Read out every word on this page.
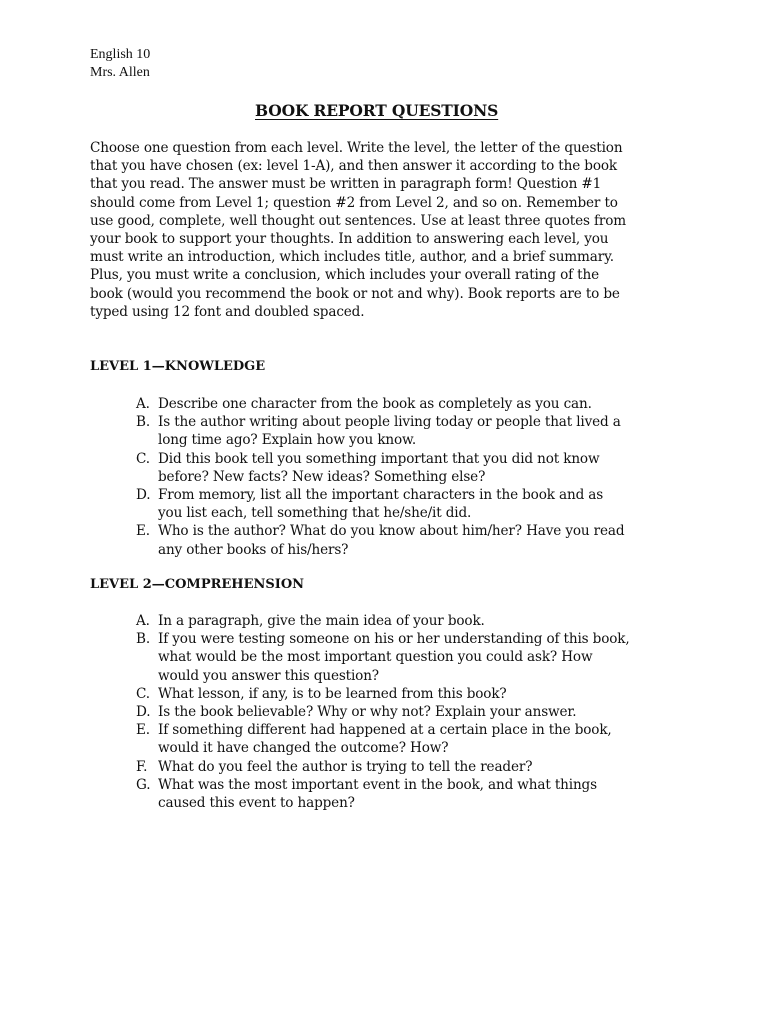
English 10
Mrs. Allen
BOOK REPORT QUESTIONS
Choose one question from each level. Write the level, the letter of the question
that you have chosen (ex: level 1-A), and then answer it according to the book
that you read. The answer must be written in paragraph form! Question #1
should come from Level 1; question #2 from Level 2, and so on. Remember to
use good, complete, well thought out sentences. Use at least three quotes from
your book to support your thoughts. In addition to answering each level, you
must write an introduction, which includes title, author, and a brief summary.
Plus, you must write a conclusion, which includes your overall rating of the
book (would you recommend the book or not and why). Book reports are to be
typed using 12 font and doubled spaced.
LEVEL 1—KNOWLEDGE
A. Describe one character from the book as completely as you can.
B. Is the author writing about people living today or people that lived a
long time ago? Explain how you know.
C. Did this book tell you something important that you did not know
before? New facts? New ideas? Something else?
D. From memory, list all the important characters in the book and as
you list each, tell something that he/she/it did.
E. Who is the author? What do you know about him/her? Have you read
any other books of his/hers?
LEVEL 2—COMPREHENSION
A. In a paragraph, give the main idea of your book.
B. If you were testing someone on his or her understanding of this book,
what would be the most important question you could ask? How
would you answer this question?
C. What lesson, if any, is to be learned from this book?
D. Is the book believable? Why or why not? Explain your answer.
E. If something different had happened at a certain place in the book,
would it have changed the outcome? How?
F. What do you feel the author is trying to tell the reader?
G. What was the most important event in the book, and what things
caused this event to happen?
